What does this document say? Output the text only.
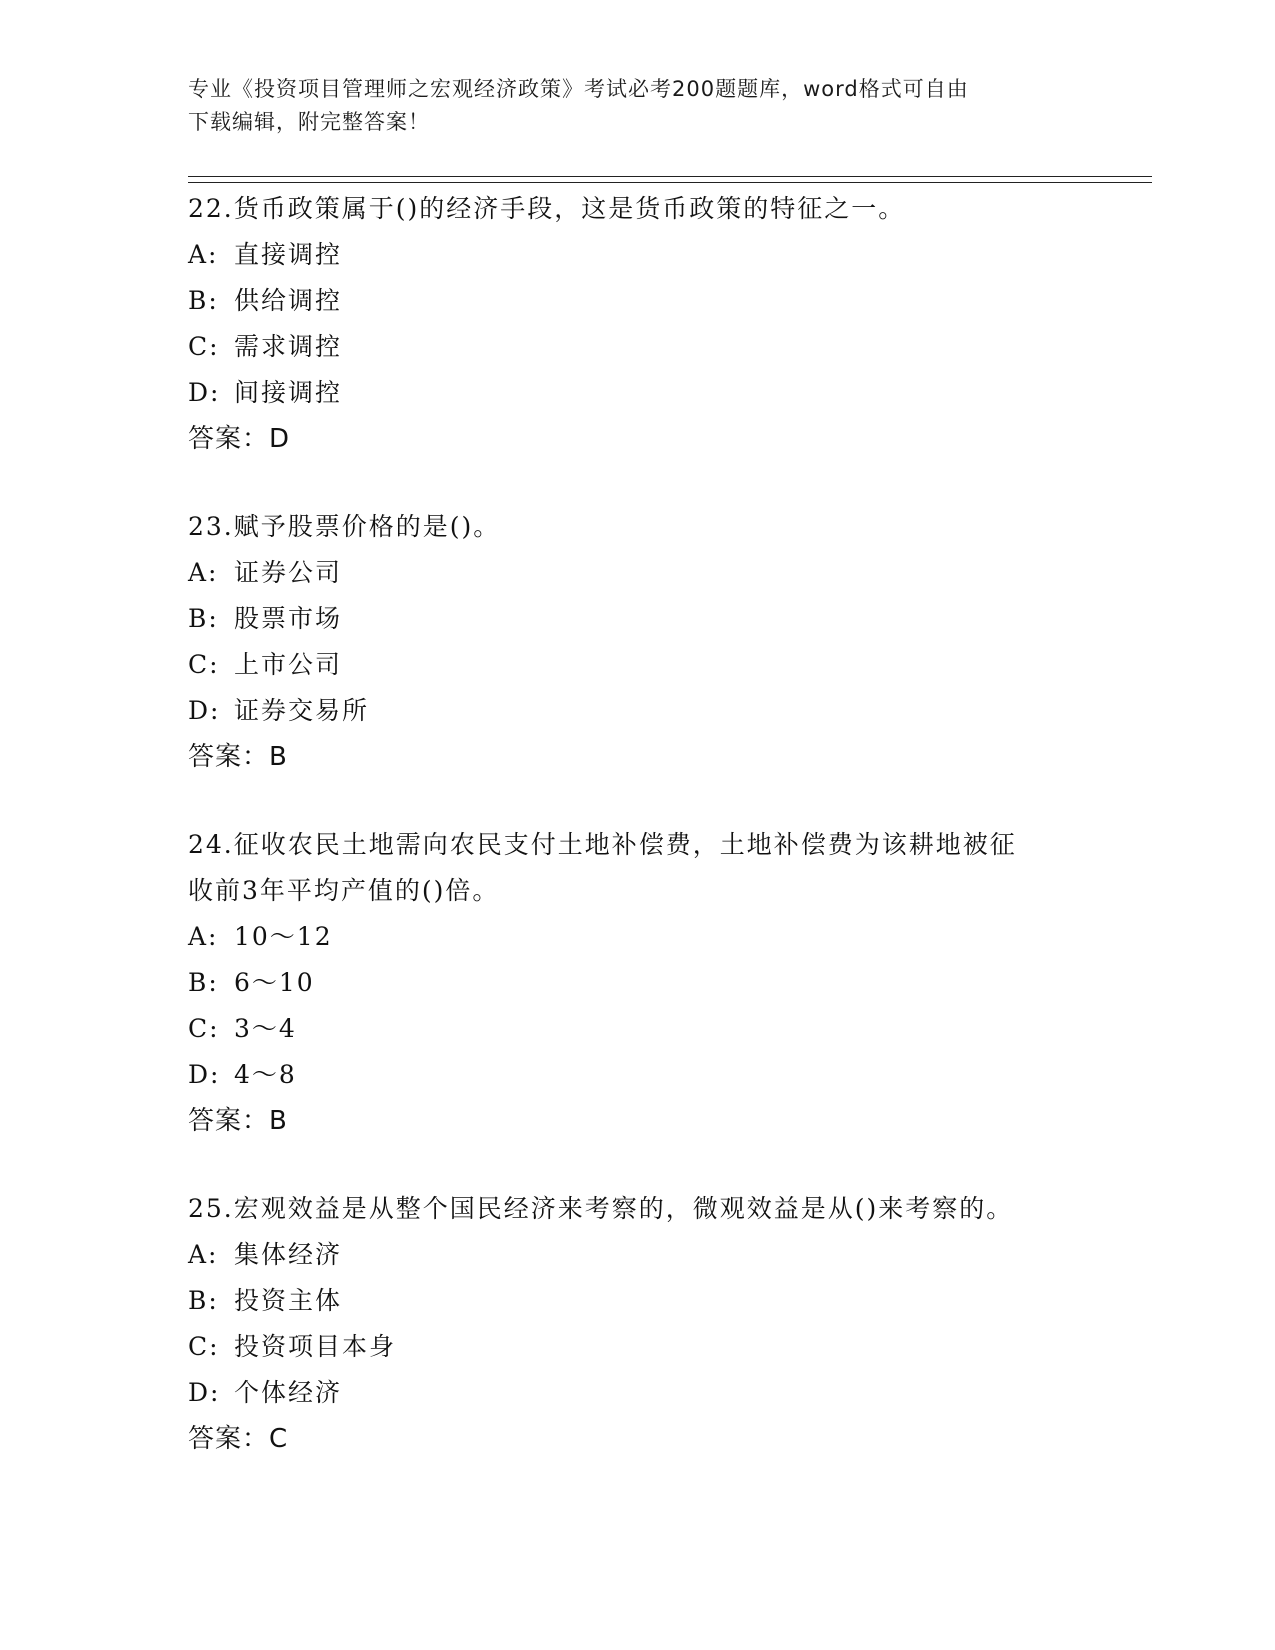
专业《投资项目管理师之宏观经济政策》考试必考200题题库，word格式可自由
下载编辑，附完整答案！
22.货币政策属于()的经济手段，这是货币政策的特征之一。
A: 直接调控
B: 供给调控
C: 需求调控
D: 间接调控
答案：D
23.赋予股票价格的是()。
A: 证券公司
B: 股票市场
C: 上市公司
D: 证券交易所
答案：B
24.征收农民土地需向农民支付土地补偿费，土地补偿费为该耕地被征
收前3年平均产值的()倍。
A: 10～12
B: 6～10
C: 3～4
D: 4～8
答案：B
25.宏观效益是从整个国民经济来考察的，微观效益是从()来考察的。
A: 集体经济
B: 投资主体
C: 投资项目本身
D: 个体经济
答案：C
